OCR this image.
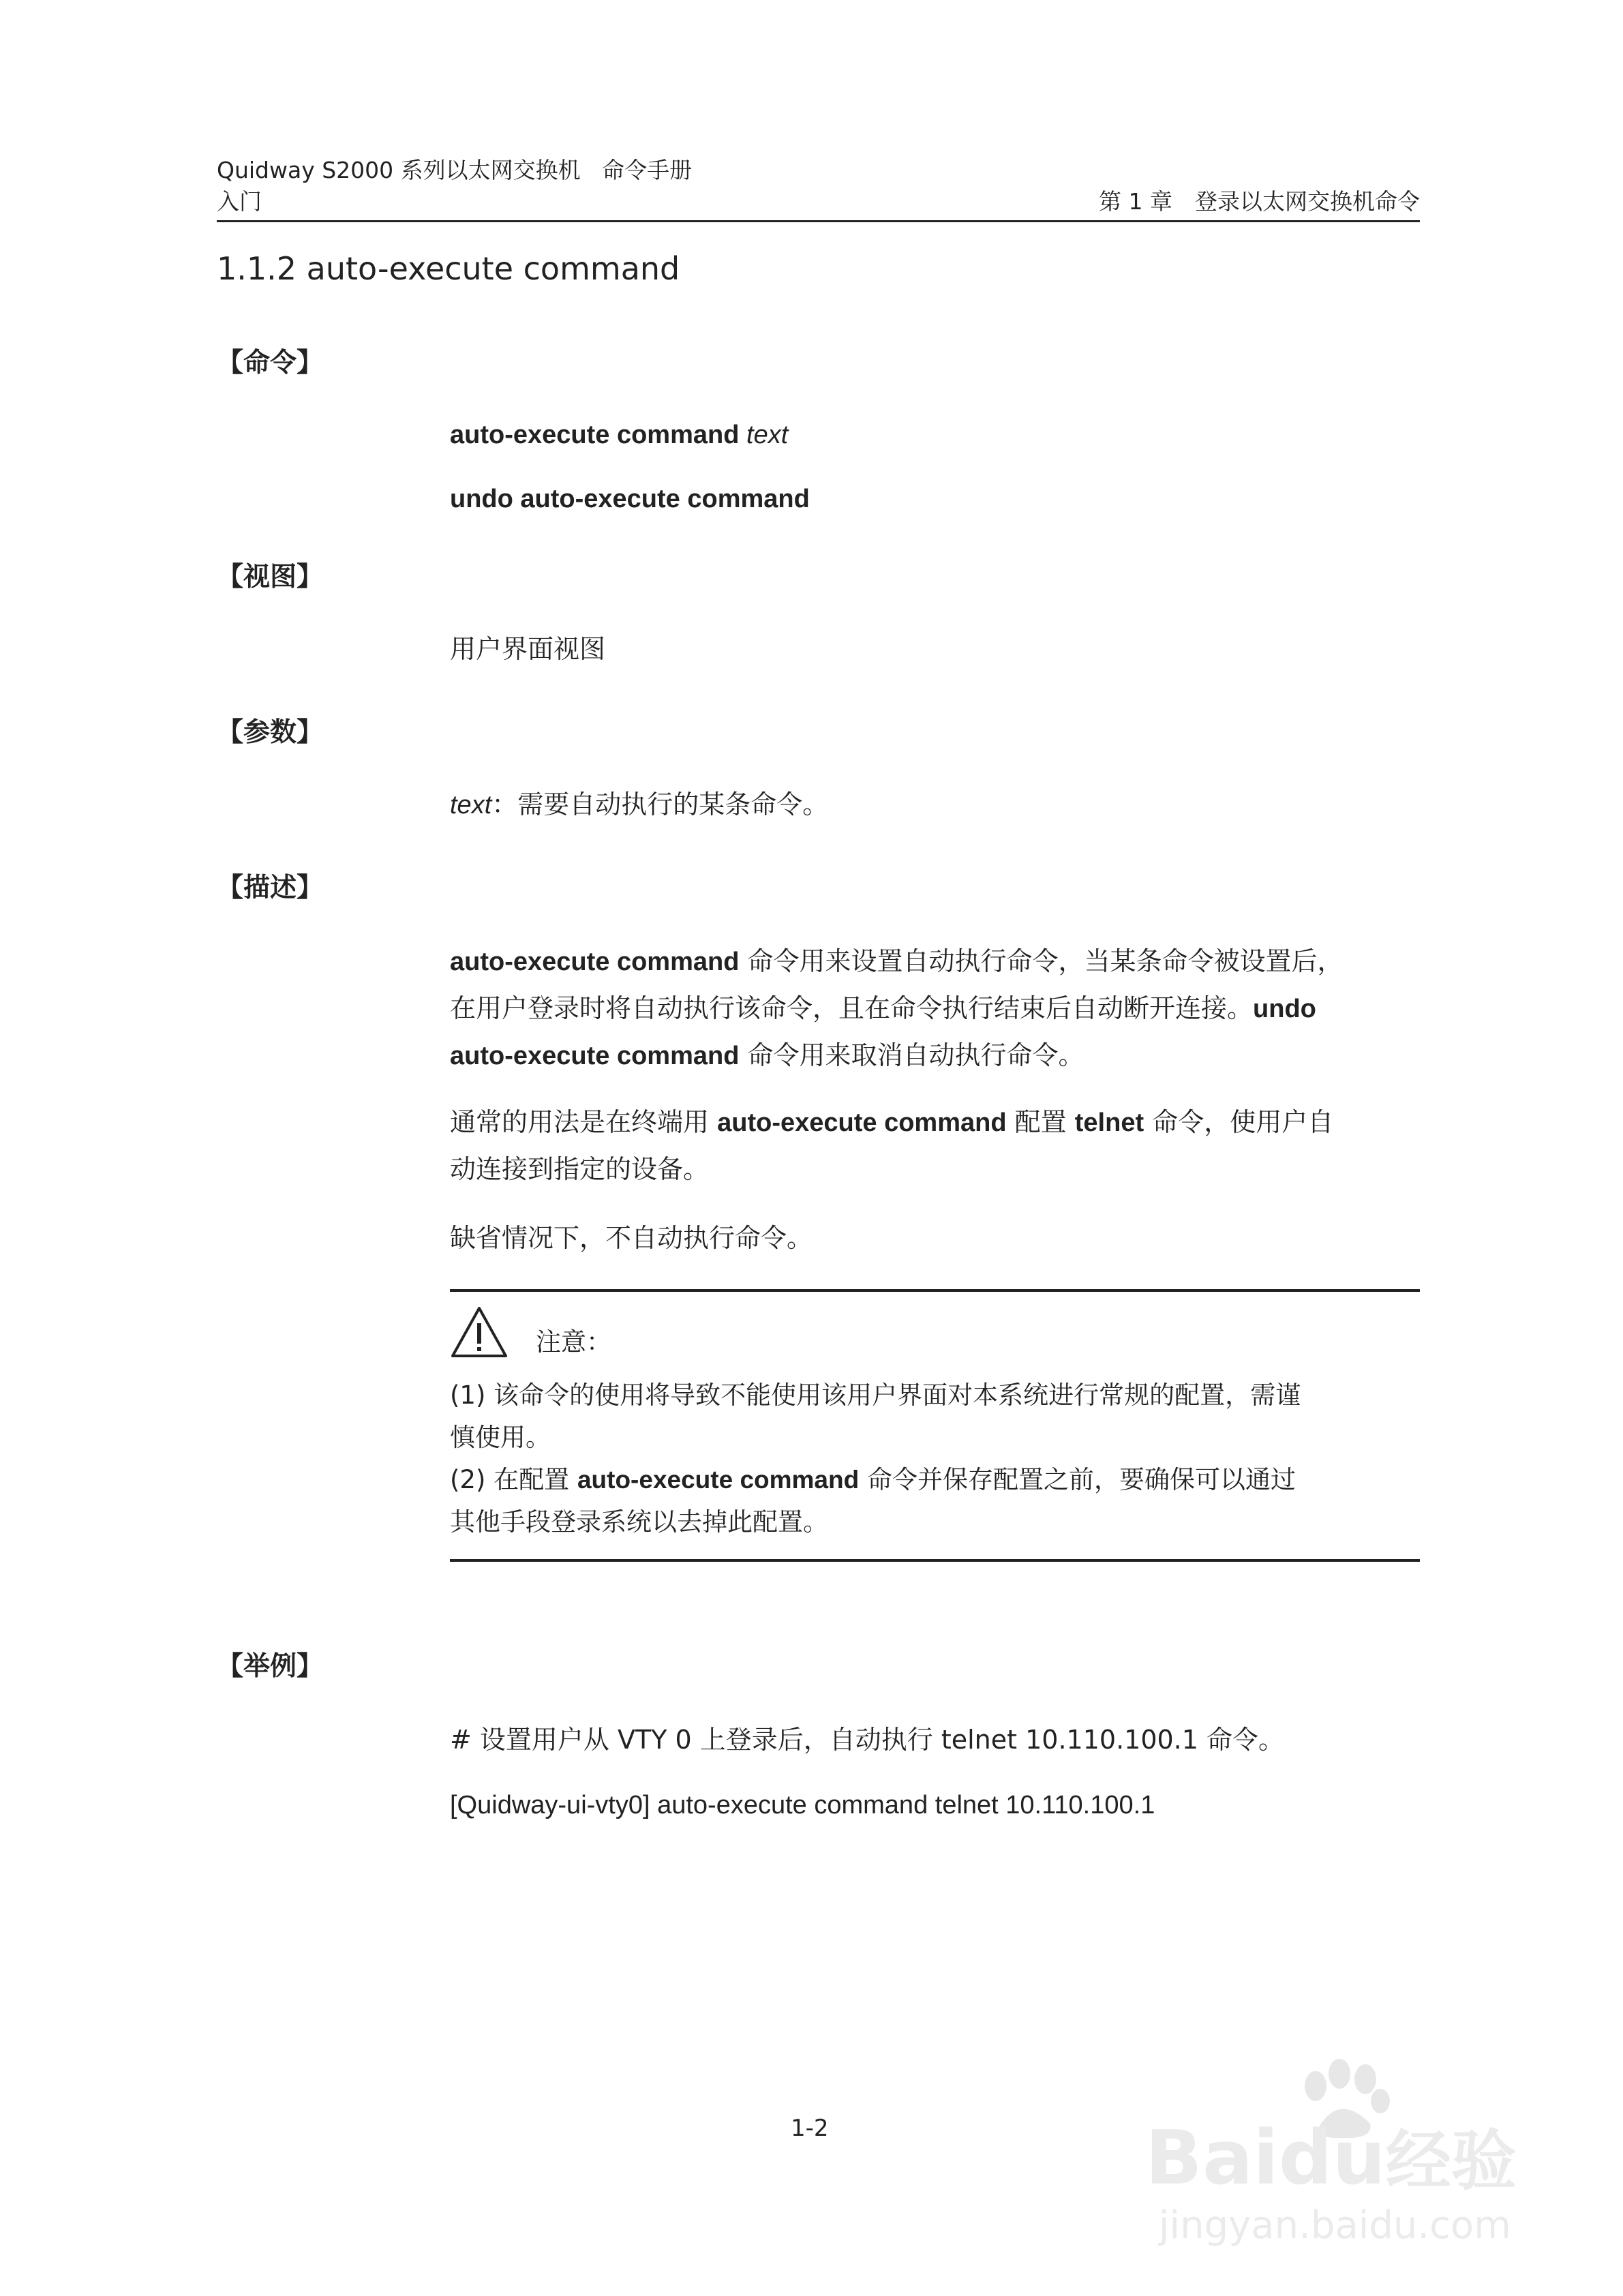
Quidway S2000 系列以太网交换机 命令手册
入门	第 1 章　登录以太网交换机命令
1.1.2 auto-execute command
【命令】
auto-execute command text
undo auto-execute command
【视图】
用户界面视图
【参数】
text：需要自动执行的某条命令。
【描述】
auto-execute command 命令用来设置自动执行命令，当某条命令被设置后，
在用户登录时将自动执行该命令，且在命令执行结束后自动断开连接。undo
auto-execute command 命令用来取消自动执行命令。
通常的用法是在终端用 auto-execute command 配置 telnet 命令，使用户自
动连接到指定的设备。
缺省情况下，不自动执行命令。
注意：
(1) 该命令的使用将导致不能使用该用户界面对本系统进行常规的配置，需谨
慎使用。
(2) 在配置 auto-execute command 命令并保存配置之前，要确保可以通过
其他手段登录系统以去掉此配置。
【举例】
# 设置用户从 VTY 0 上登录后，自动执行 telnet 10.110.100.1 命令。
[Quidway-ui-vty0] auto-execute command telnet 10.110.100.1
1-2	Baidu经验
jingyan.baidu.com
